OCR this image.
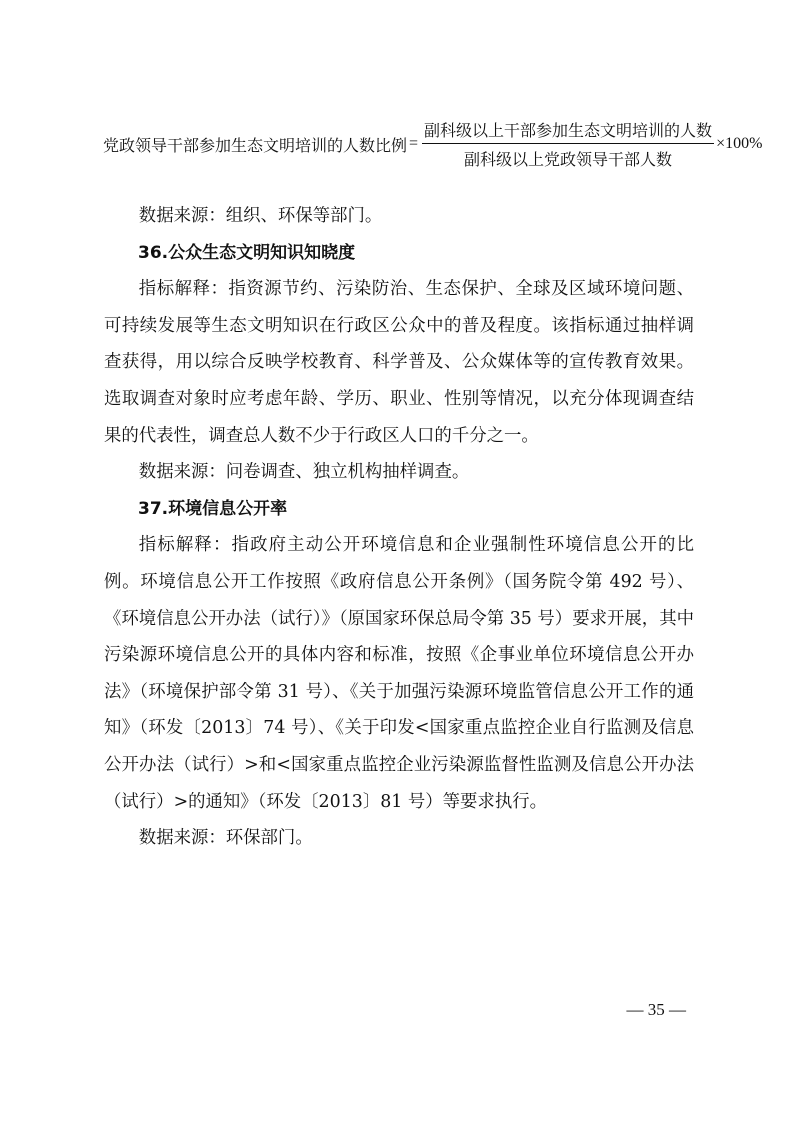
党政领导干部参加生态文明培训的人数比例 = $\frac{\text{副科级以上干部参加生态文明培训的人数}}{\text{副科级以上党政领导干部人数}} \times 100\%$

数据来源：组织、环保等部门。

36.公众生态文明知识知晓度

指标解释：指资源节约、污染防治、生态保护、全球及区域环境问题、可持续发展等生态文明知识在行政区公众中的普及程度。该指标通过抽样调查获得，用以综合反映学校教育、科学普及、公众媒体等的宣传教育效果。选取调查对象时应考虑年龄、学历、职业、性别等情况，以充分体现调查结果的代表性，调查总人数不少于行政区人口的千分之一。

数据来源：问卷调查、独立机构抽样调查。

37.环境信息公开率

指标解释：指政府主动公开环境信息和企业强制性环境信息公开的比例。环境信息公开工作按照《政府信息公开条例》（国务院令第 492 号）、《环境信息公开办法（试行）》（原国家环保总局令第 35 号）要求开展，其中污染源环境信息公开的具体内容和标准，按照《企事业单位环境信息公开办法》（环境保护部令第 31 号）、《关于加强污染源环境监管信息公开工作的通知》（环发〔2013〕74 号）、《关于印发<国家重点监控企业自行监测及信息公开办法（试行）>和<国家重点监控企业污染源监督性监测及信息公开办法（试行）>的通知》（环发〔2013〕81 号）等要求执行。

数据来源：环保部门。

— 35 —
